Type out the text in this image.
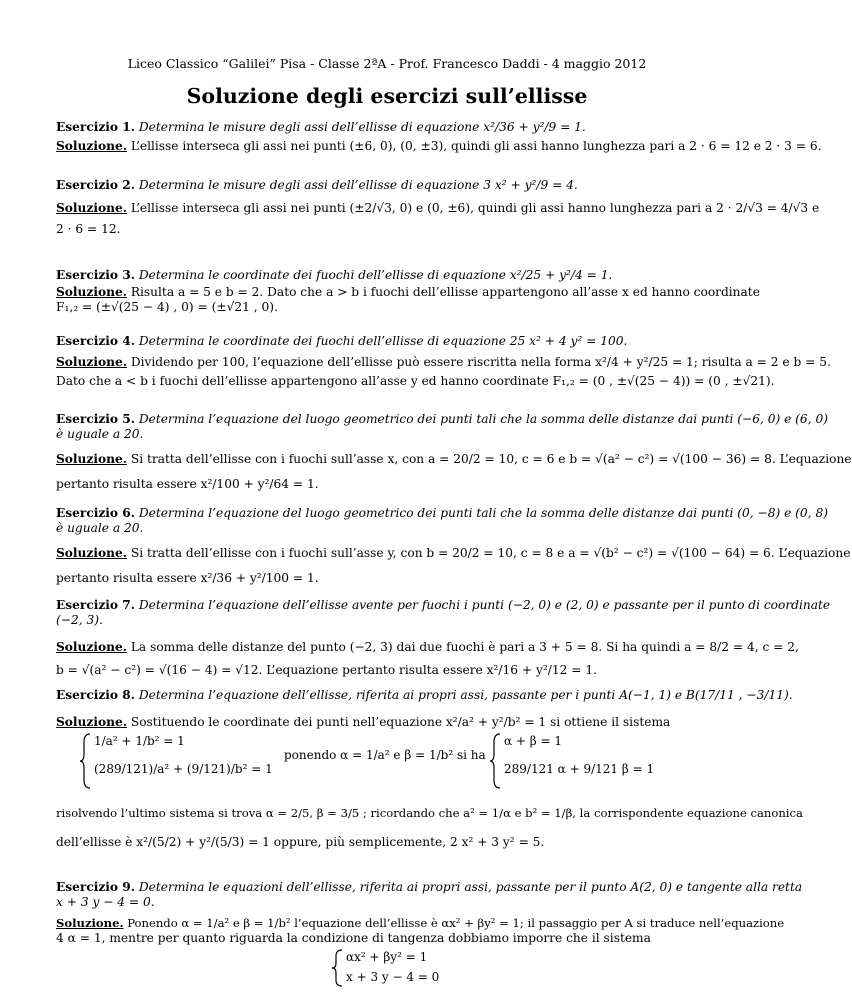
Liceo Classico “Galilei” Pisa - Classe 2ªA - Prof. Francesco Daddi - 4 maggio 2012
Soluzione degli esercizi sull’ellisse
Esercizio 1. Determina le misure degli assi dell’ellisse di equazione x²/36 + y²/9 = 1.
Soluzione. L’ellisse interseca gli assi nei punti (±6, 0), (0, ±3), quindi gli assi hanno lunghezza pari a 2 · 6 = 12 e 2 · 3 = 6.
Esercizio 2. Determina le misure degli assi dell’ellisse di equazione 3 x² + y²/9 = 4.
Soluzione. L’ellisse interseca gli assi nei punti (±2/√3, 0) e (0, ±6), quindi gli assi hanno lunghezza pari a 2 · 2/√3 = 4/√3 e
2 · 6 = 12.
Esercizio 3. Determina le coordinate dei fuochi dell’ellisse di equazione x²/25 + y²/4 = 1.
Soluzione. Risulta a = 5 e b = 2. Dato che a > b i fuochi dell’ellisse appartengono all’asse x ed hanno coordinate
F₁,₂ = (±√(25 − 4) , 0) = (±√21 , 0).
Esercizio 4. Determina le coordinate dei fuochi dell’ellisse di equazione 25 x² + 4 y² = 100.
Soluzione. Dividendo per 100, l’equazione dell’ellisse può essere riscritta nella forma x²/4 + y²/25 = 1; risulta a = 2 e b = 5.
Dato che a < b i fuochi dell’ellisse appartengono all’asse y ed hanno coordinate F₁,₂ = (0 , ±√(25 − 4)) = (0 , ±√21).
Esercizio 5. Determina l’equazione del luogo geometrico dei punti tali che la somma delle distanze dai punti (−6, 0) e (6, 0)
è uguale a 20.
Soluzione. Si tratta dell’ellisse con i fuochi sull’asse x, con a = 20/2 = 10, c = 6 e b = √(a² − c²) = √(100 − 36) = 8. L’equazione
pertanto risulta essere x²/100 + y²/64 = 1.
Esercizio 6. Determina l’equazione del luogo geometrico dei punti tali che la somma delle distanze dai punti (0, −8) e (0, 8)
è uguale a 20.
Soluzione. Si tratta dell’ellisse con i fuochi sull’asse y, con b = 20/2 = 10, c = 8 e a = √(b² − c²) = √(100 − 64) = 6. L’equazione
pertanto risulta essere x²/36 + y²/100 = 1.
Esercizio 7. Determina l’equazione dell’ellisse avente per fuochi i punti (−2, 0) e (2, 0) e passante per il punto di coordinate
(−2, 3).
Soluzione. La somma delle distanze del punto (−2, 3) dai due fuochi è pari a 3 + 5 = 8. Si ha quindi a = 8/2 = 4, c = 2,
b = √(a² − c²) = √(16 − 4) = √12. L’equazione pertanto risulta essere x²/16 + y²/12 = 1.
Esercizio 8. Determina l’equazione dell’ellisse, riferita ai propri assi, passante per i punti A(−1, 1) e B(17/11 , −3/11).
Soluzione. Sostituendo le coordinate dei punti nell’equazione x²/a² + y²/b² = 1 si ottiene il sistema
1/a² + 1/b² = 1
(289/121)/a² + (9/121)/b² = 1
ponendo α = 1/a² e β = 1/b² si ha
α + β = 1
289/121 α + 9/121 β = 1
risolvendo l’ultimo sistema si trova α = 2/5, β = 3/5 ; ricordando che a² = 1/α e b² = 1/β, la corrispondente equazione canonica
dell’ellisse è x²/(5/2) + y²/(5/3) = 1 oppure, più semplicemente, 2 x² + 3 y² = 5.
Esercizio 9. Determina le equazioni dell’ellisse, riferita ai propri assi, passante per il punto A(2, 0) e tangente alla retta
x + 3 y − 4 = 0.
Soluzione. Ponendo α = 1/a² e β = 1/b² l’equazione dell’ellisse è αx² + βy² = 1; il passaggio per A si traduce nell’equazione
4 α = 1, mentre per quanto riguarda la condizione di tangenza dobbiamo imporre che il sistema
αx² + βy² = 1
x + 3 y − 4 = 0
